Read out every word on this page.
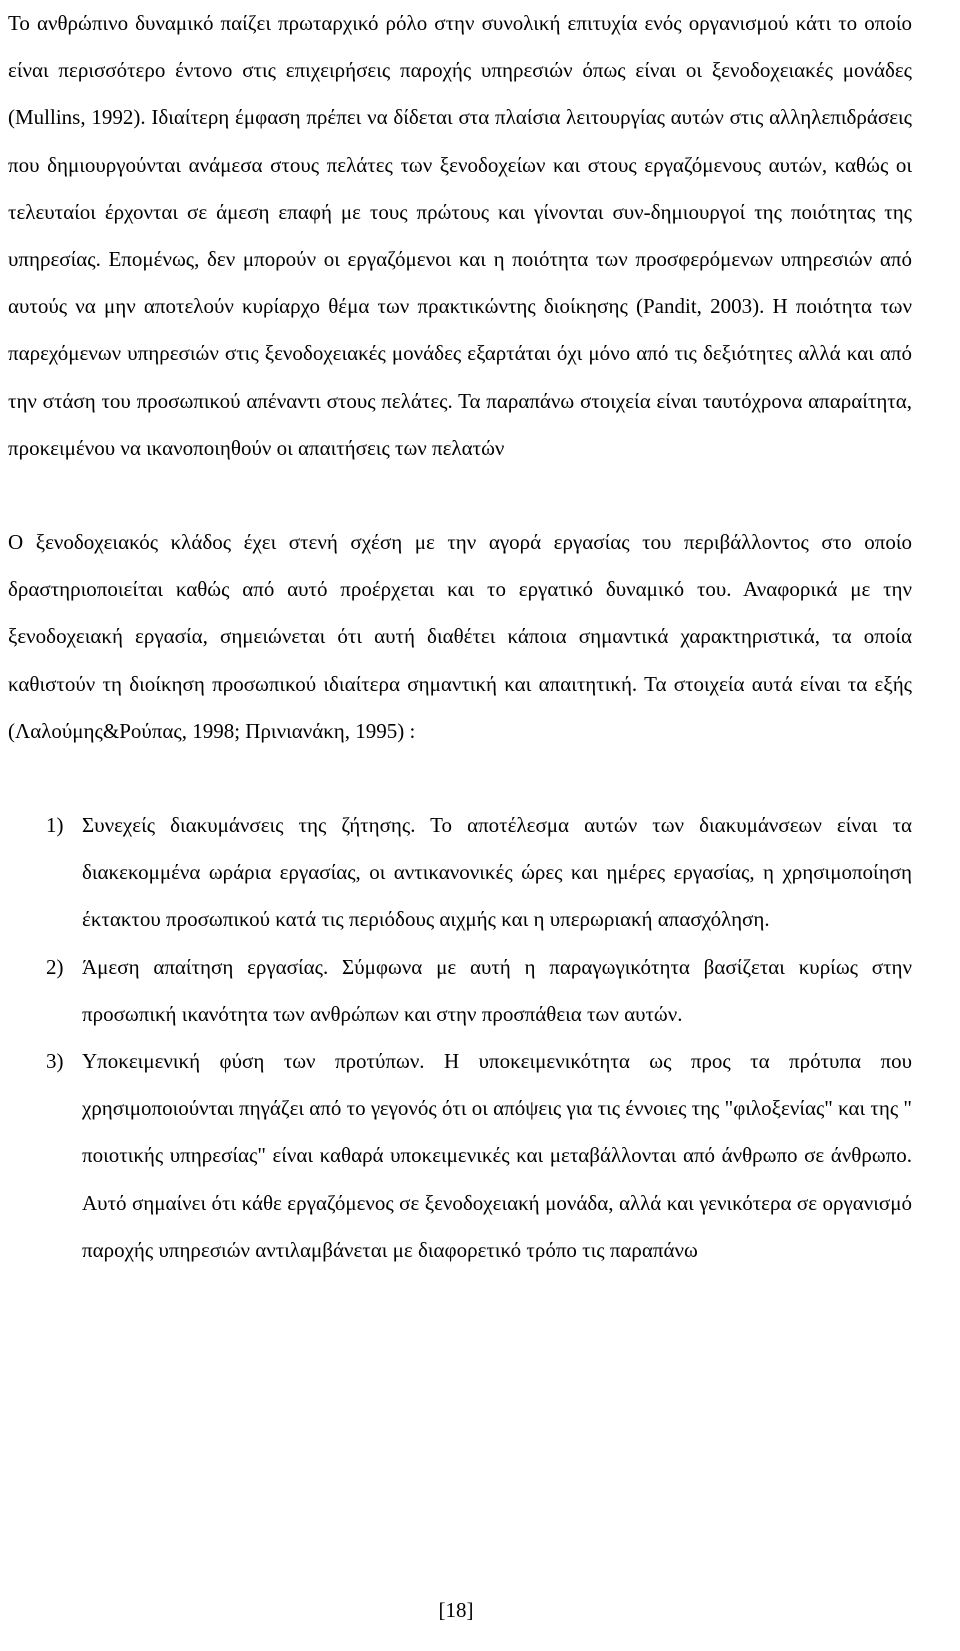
Το ανθρώπινο δυναμικό παίζει πρωταρχικό ρόλο στην συνολική επιτυχία ενός οργανισμού κάτι το οποίο είναι περισσότερο έντονο στις επιχειρήσεις παροχής υπηρεσιών όπως είναι οι ξενοδοχειακές μονάδες (Mullins, 1992). Ιδιαίτερη έμφαση πρέπει να δίδεται στα πλαίσια λειτουργίας αυτών στις αλληλεπιδράσεις που δημιουργούνται ανάμεσα στους πελάτες των ξενοδοχείων και στους εργαζόμενους αυτών, καθώς οι τελευταίοι έρχονται σε άμεση επαφή με τους πρώτους και γίνονται συν-δημιουργοί της ποιότητας της υπηρεσίας. Επομένως, δεν μπορούν οι εργαζόμενοι και η ποιότητα των προσφερόμενων υπηρεσιών από αυτούς να μην αποτελούν κυρίαρχο θέμα των πρακτικώντης διοίκησης (Pandit, 2003). Η ποιότητα των παρεχόμενων υπηρεσιών στις ξενοδοχειακές μονάδες εξαρτάται όχι μόνο από τις δεξιότητες αλλά και από την στάση του προσωπικού απέναντι στους πελάτες. Τα παραπάνω στοιχεία είναι ταυτόχρονα απαραίτητα, προκειμένου να ικανοποιηθούν οι απαιτήσεις των πελατών

Ο ξενοδοχειακός κλάδος έχει στενή σχέση με την αγορά εργασίας του περιβάλλοντος στο οποίο δραστηριοποιείται καθώς από αυτό προέρχεται και το εργατικό δυναμικό του. Αναφορικά με την ξενοδοχειακή εργασία, σημειώνεται ότι αυτή διαθέτει κάποια σημαντικά χαρακτηριστικά, τα οποία καθιστούν τη διοίκηση προσωπικού ιδιαίτερα σημαντική και απαιτητική. Τα στοιχεία αυτά είναι τα εξής (Λαλούμης&Ρούπας, 1998; Πρινιανάκη, 1995) :

1) Συνεχείς διακυμάνσεις της ζήτησης. Το αποτέλεσμα αυτών των διακυμάνσεων είναι τα διακεκομμένα ωράρια εργασίας, οι αντικανονικές ώρες και ημέρες εργασίας, η χρησιμοποίηση έκτακτου προσωπικού κατά τις περιόδους αιχμής και η υπερωριακή απασχόληση.
2) Άμεση απαίτηση εργασίας. Σύμφωνα με αυτή η παραγωγικότητα βασίζεται κυρίως στην προσωπική ικανότητα των ανθρώπων και στην προσπάθεια των αυτών.
3) Υποκειμενική φύση των προτύπων. Η υποκειμενικότητα ως προς τα πρότυπα που χρησιμοποιούνται πηγάζει από το γεγονός ότι οι απόψεις για τις έννοιες της "φιλοξενίας" και της " ποιοτικής υπηρεσίας" είναι καθαρά υποκειμενικές και μεταβάλλονται από άνθρωπο σε άνθρωπο. Αυτό σημαίνει ότι κάθε εργαζόμενος σε ξενοδοχειακή μονάδα, αλλά και γενικότερα σε οργανισμό παροχής υπηρεσιών αντιλαμβάνεται με διαφορετικό τρόπο τις παραπάνω
[18]
